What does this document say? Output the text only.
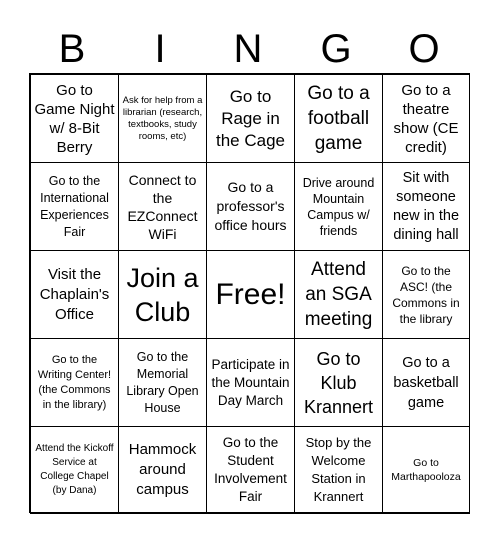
B	I	N	G	O
Go to Game Night w/ 8-Bit Berry
Ask for help from a librarian (research, textbooks, study rooms, etc)
Go to Rage in the Cage
Go to a football game
Go to a theatre show (CE credit)
Go to the International Experiences Fair
Connect to the EZConnect WiFi
Go to a professor's office hours
Drive around Mountain Campus w/ friends
Sit with someone new in the dining hall
Visit the Chaplain's Office
Join a Club
Free!
Attend an SGA meeting
Go to the ASC! (the Commons in the library
Go to the Writing Center! (the Commons in the library)
Go to the Memorial Library Open House
Participate in the Mountain Day March
Go to Klub Krannert
Go to a basketball game
Attend the Kickoff Service at College Chapel (by Dana)
Hammock around campus
Go to the Student Involvement Fair
Stop by the Welcome Station in Krannert
Go to Marthapooloza
